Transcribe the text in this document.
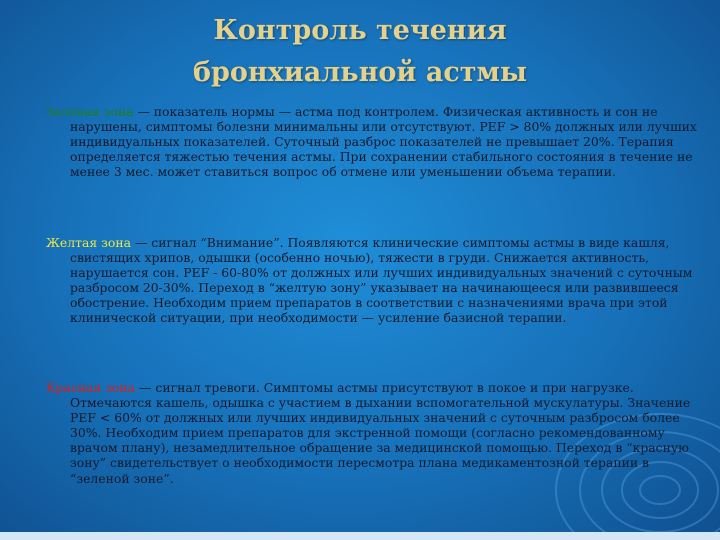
Контроль течения
бронхиальной астмы
Зеленая зона — показатель нормы — астма под контролем. Физическая активность и сон не нарушены, симптомы болезни минимальны или отсутствуют. PEF > 80% должных или лучших индивидуальных показателей. Суточный разброс показателей не превышает 20%. Терапия определяется тяжестью течения астмы. При сохранении стабильного состояния в течение не менее 3 мес. может ставиться вопрос об отмене или уменьшении объема терапии.
Желтая зона — сигнал “Внимание”. Появляются клинические симптомы астмы в виде кашля, свистящих хрипов, одышки (особенно ночью), тяжести в груди. Снижается активность, нарушается сон. PEF - 60-80% от должных или лучших индивидуальных значений с суточным разбросом 20-30%. Переход в “желтую зону” указывает на начинающееся или развившееся обострение. Необходим прием препаратов в соответствии с назначениями врача при этой клинической ситуации, при необходимости — усиление базисной терапии.
Красная зона — сигнал тревоги. Симптомы астмы присутствуют в покое и при нагрузке. Отмечаются кашель, одышка с участием в дыхании вспомогательной мускулатуры. Значение PEF < 60% от должных или лучших индивидуальных значений с суточным разбросом более 30%. Необходим прием препаратов для экстренной помощи (согласно рекомендованному врачом плану), незамедлительное обращение за медицинской помощью. Переход в “красную зону” свидетельствует о необходимости пересмотра плана медикаментозной терапии в “зеленой зоне”.
